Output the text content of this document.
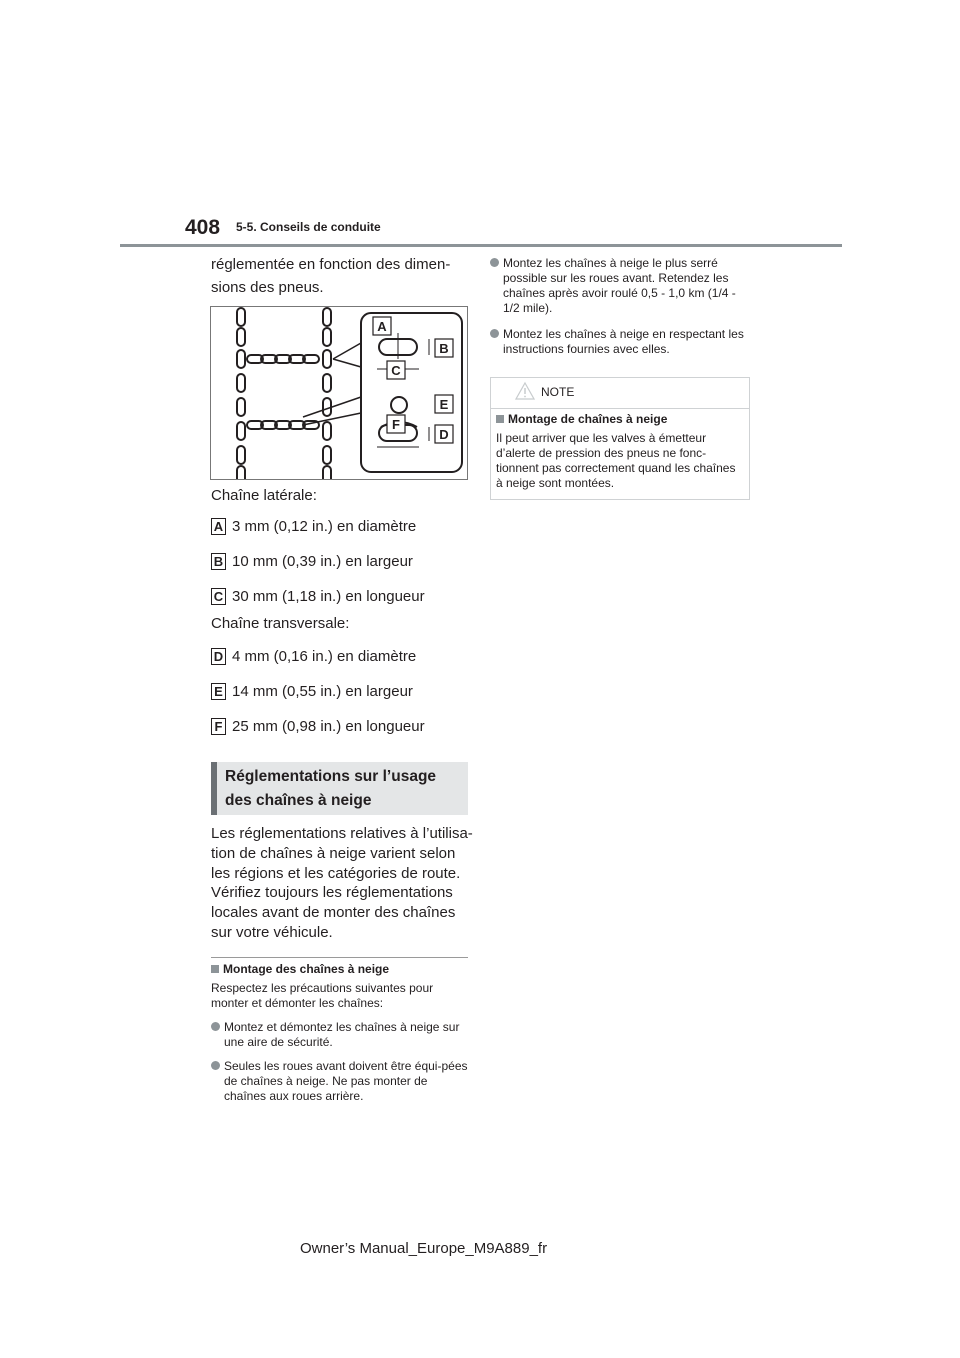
408 5-5. Conseils de conduite
réglementée en fonction des dimen-sions des pneus.
A
B
C
E
F
D
Chaîne latérale:
A 3 mm (0,12 in.) en diamètre
B 10 mm (0,39 in.) en largeur
C 30 mm (1,18 in.) en longueur
Chaîne transversale:
D 4 mm (0,16 in.) en diamètre
E 14 mm (0,55 in.) en largeur
F 25 mm (0,98 in.) en longueur
Réglementations sur l’usage des chaînes à neige
Les réglementations relatives à l’utilisa-tion de chaînes à neige varient selon les régions et les catégories de route. Vérifiez toujours les réglementations locales avant de monter des chaînes sur votre véhicule.
Montage des chaînes à neige
Respectez les précautions suivantes pour monter et démonter les chaînes:
Montez et démontez les chaînes à neige sur une aire de sécurité.
Seules les roues avant doivent être équi-pées de chaînes à neige. Ne pas monter de chaînes aux roues arrière.
Montez les chaînes à neige le plus serré possible sur les roues avant. Retendez les chaînes après avoir roulé 0,5 - 1,0 km (1/4 - 1/2 mile).
Montez les chaînes à neige en respectant les instructions fournies avec elles.
NOTE
Montage de chaînes à neige
Il peut arriver que les valves à émetteur d’alerte de pression des pneus ne fonc-tionnent pas correctement quand les chaînes à neige sont montées.
Owner’s Manual_Europe_M9A889_fr
